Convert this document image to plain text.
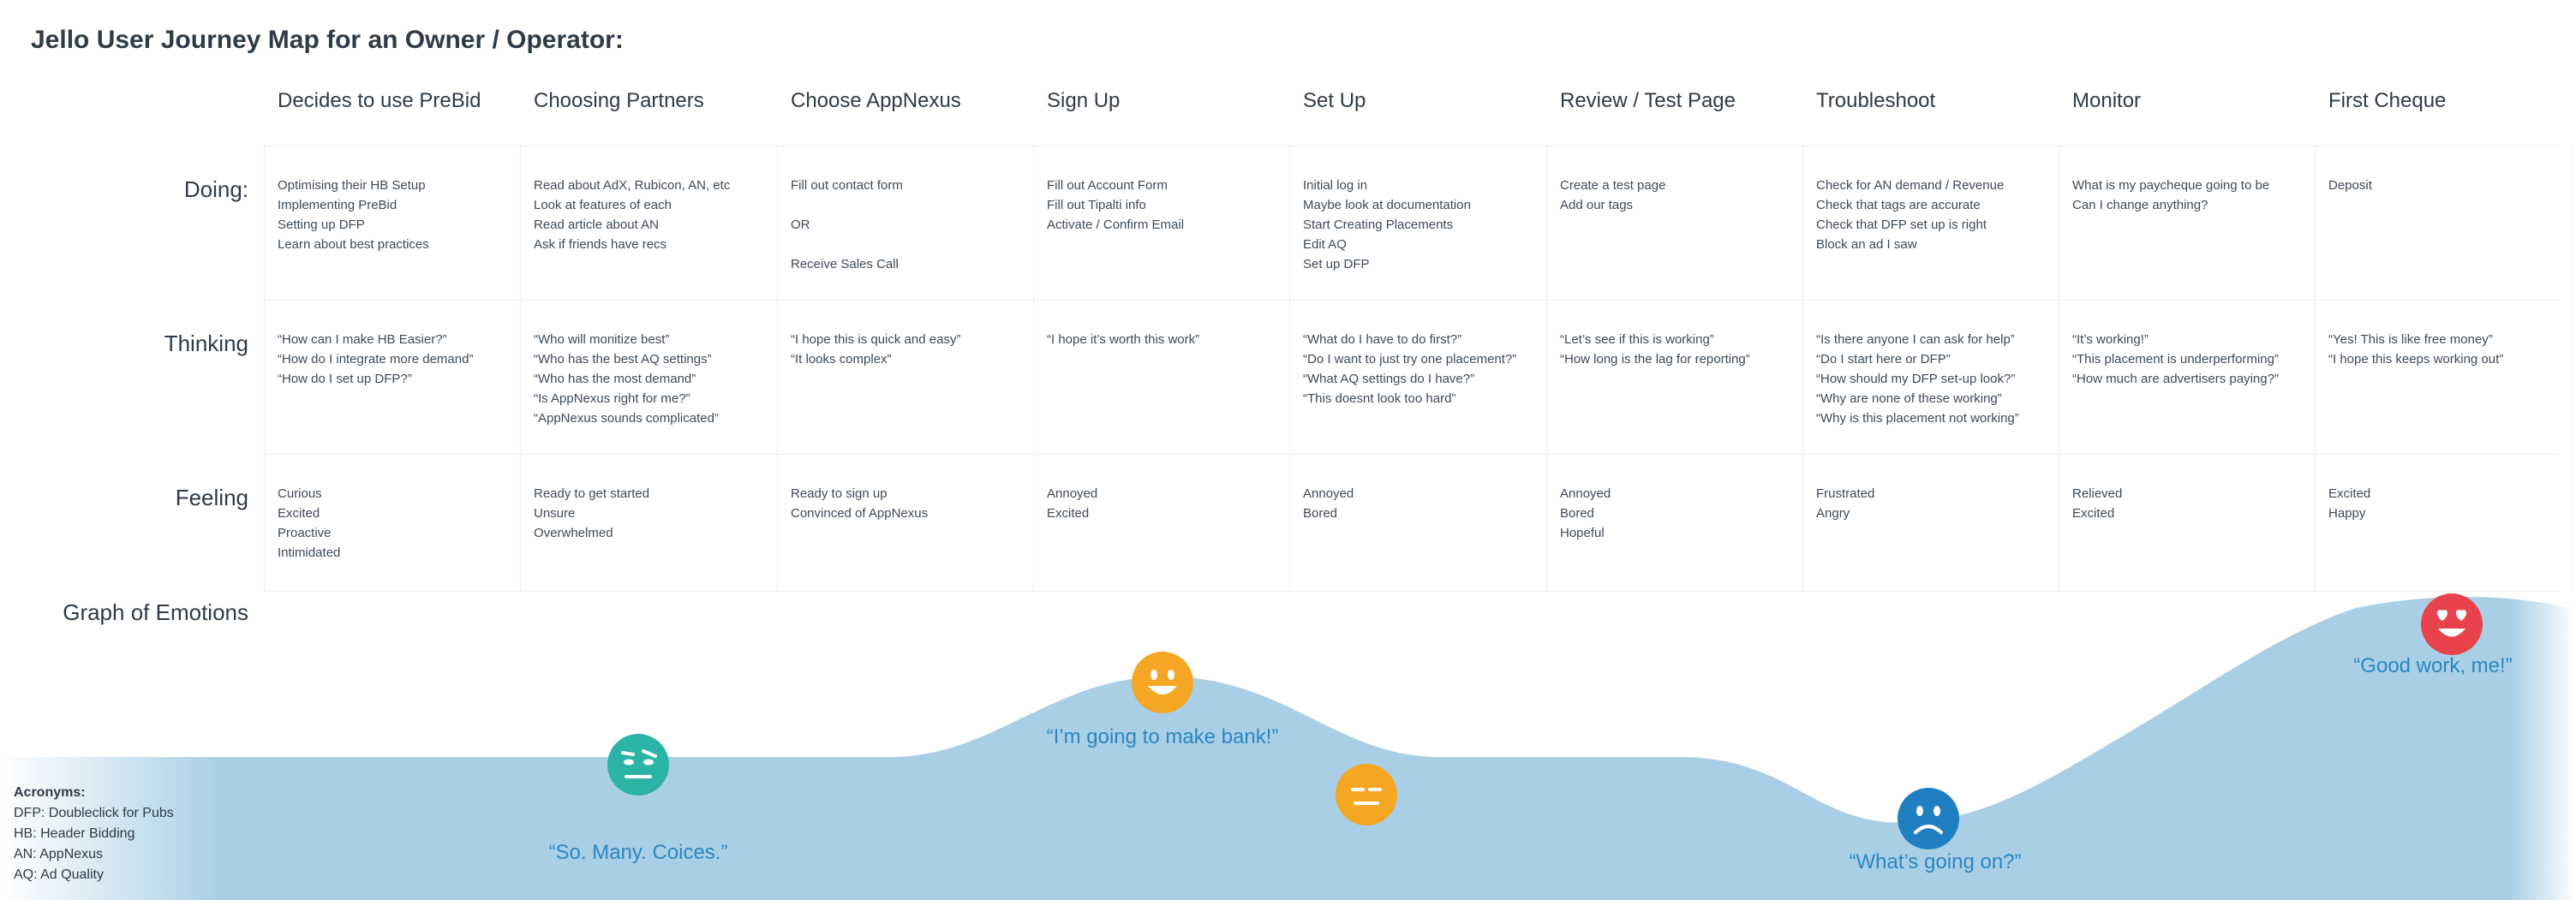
Jello User Journey Map for an Owner / Operator:
Doing:
Thinking
Feeling
Graph of Emotions
Decides to use PreBid
Optimising their HB Setup
Implementing PreBid
Setting up DFP
Learn about best practices
“How can I make HB Easier?”
“How do I integrate more demand”
“How do I set up DFP?”
Curious
Excited
Proactive
Intimidated
Choosing Partners
Read about AdX, Rubicon, AN, etc
Look at features of each
Read article about AN
Ask if friends have recs
“Who will monitize best”
“Who has the best AQ settings”
“Who has the most demand”
“Is AppNexus right for me?”
“AppNexus sounds complicated”
Ready to get started
Unsure
Overwhelmed
Choose AppNexus
Fill out contact form
OR
Receive Sales Call
“I hope this is quick and easy”
“It looks complex”
Ready to sign up
Convinced of AppNexus
Sign Up
Fill out Account Form
Fill out Tipalti info
Activate / Confirm Email
“I hope it’s worth this work”
Annoyed
Excited
Set Up
Initial log in
Maybe look at documentation
Start Creating Placements
Edit AQ
Set up DFP
“What do I have to do first?”
“Do I want to just try one placement?”
“What AQ settings do I have?”
“This doesnt look too hard”
Annoyed
Bored
Review / Test Page
Create a test page
Add our tags
“Let’s see if this is working”
“How long is the lag for reporting”
Annoyed
Bored
Hopeful
Troubleshoot
Check for AN demand / Revenue
Check that tags are accurate
Check that DFP set up is right
Block an ad I saw
“Is there anyone I can ask for help”
“Do I start here or DFP”
“How should my DFP set-up look?”
“Why are none of these working”
“Why is this placement not working”
Frustrated
Angry
Monitor
What is my paycheque going to be
Can I change anything?
“It’s working!”
“This placement is underperforming”
“How much are advertisers paying?”
Relieved
Excited
First Cheque
Deposit
“Yes! This is like free money”
“I hope this keeps working out”
Excited
Happy
“So. Many. Coices.”
“I’m going to make bank!”
“What’s going on?”
“Good work, me!”
Acronyms:
DFP: Doubleclick for Pubs
HB: Header Bidding
AN: AppNexus
AQ: Ad Quality
